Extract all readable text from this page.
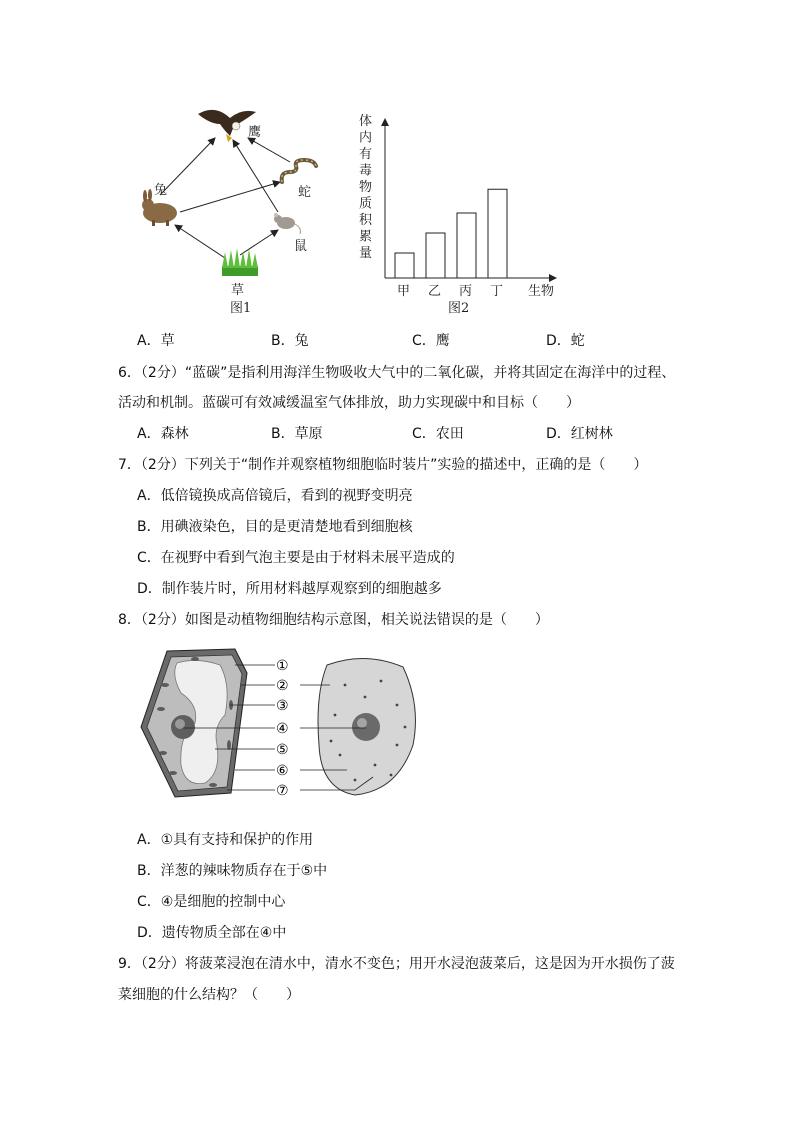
鹰
兔	蛇
鼠
草
图1
体
内
有
毒
物
质
积
累
量
甲 乙 丙 丁 生物
图2
A．草	B．兔	C．鹰	D．蛇
6．（2分）“蓝碳”是指利用海洋生物吸收大气中的二氧化碳，并将其固定在海洋中的过程、
活动和机制。蓝碳可有效减缓温室气体排放，助力实现碳中和目标（　　）
A．森林	B．草原	C．农田	D．红树林
7．（2分）下列关于“制作并观察植物细胞临时装片”实验的描述中，正确的是（　　）
A．低倍镜换成高倍镜后，看到的视野变明亮
B．用碘液染色，目的是更清楚地看到细胞核
C．在视野中看到气泡主要是由于材料未展平造成的
D．制作装片时，所用材料越厚观察到的细胞越多
8．（2分）如图是动植物细胞结构示意图，相关说法错误的是（　　）
①
②
③
④
⑤
⑥
⑦
A．①具有支持和保护的作用
B．洋葱的辣味物质存在于⑤中
C．④是细胞的控制中心
D．遗传物质全部在④中
9．（2分）将菠菜浸泡在清水中，清水不变色；用开水浸泡菠菜后，这是因为开水损伤了菠
菜细胞的什么结构？（　　）
